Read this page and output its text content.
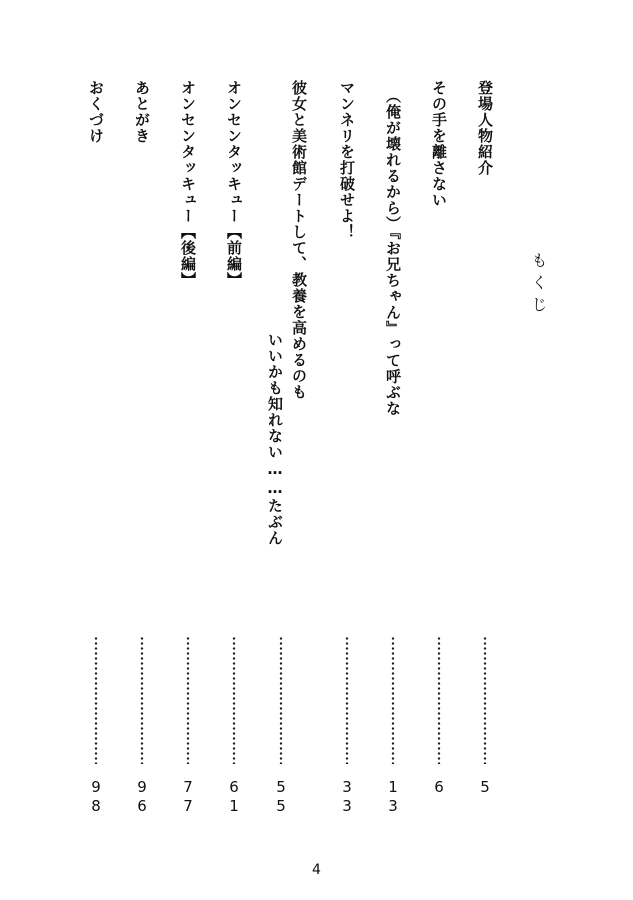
もくじ
登場人物紹介
5
その手を離さない
6
（俺が壊れるから）『お兄ちゃん』って呼ぶな
13
マンネリを打破せよ！
33
彼女と美術館デートして、教養を高めるのも
いいかも知れない……たぶん
55
オンセンタッキュー【前編】
61
オンセンタッキュー【後編】
77
あとがき
96
おくづけ
98
4
